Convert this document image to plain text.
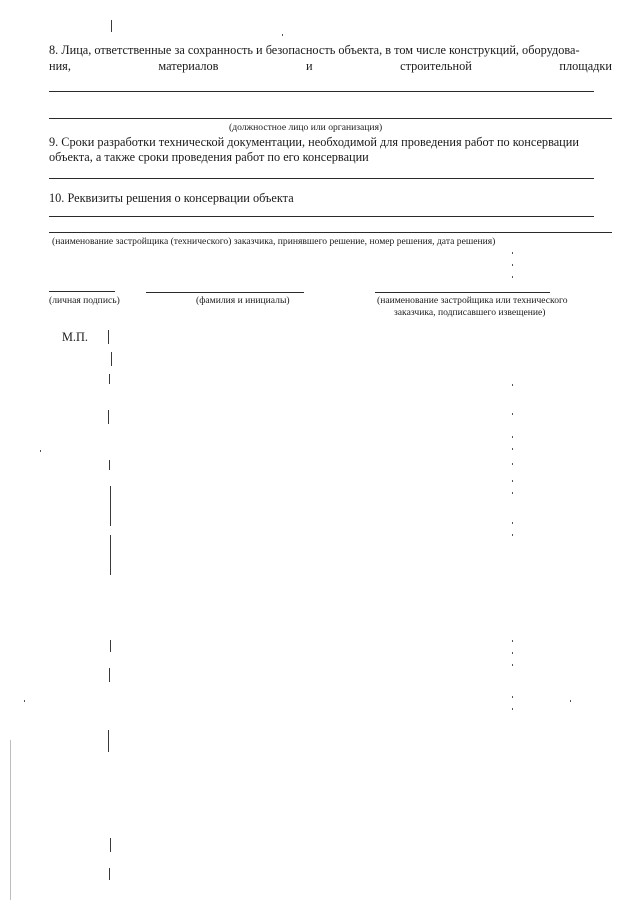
8. Лица, ответственные за сохранность и безопасность объекта, в том числе конструкций, оборудова-
ния,	материалов	и	строительной	площадки
(должностное лицо или организация)
9. Сроки разработки технической документации, необходимой для проведения работ по консервации
объекта, а также сроки проведения работ по его консервации
10. Реквизиты решения о консервации объекта
(наименование застройщика (технического) заказчика, принявшего решение, номер решения, дата решения)
(личная подпись)	(фамилия и инициалы)	(наименование застройщика или технического
заказчика, подписавшего извещение)
М.П.
